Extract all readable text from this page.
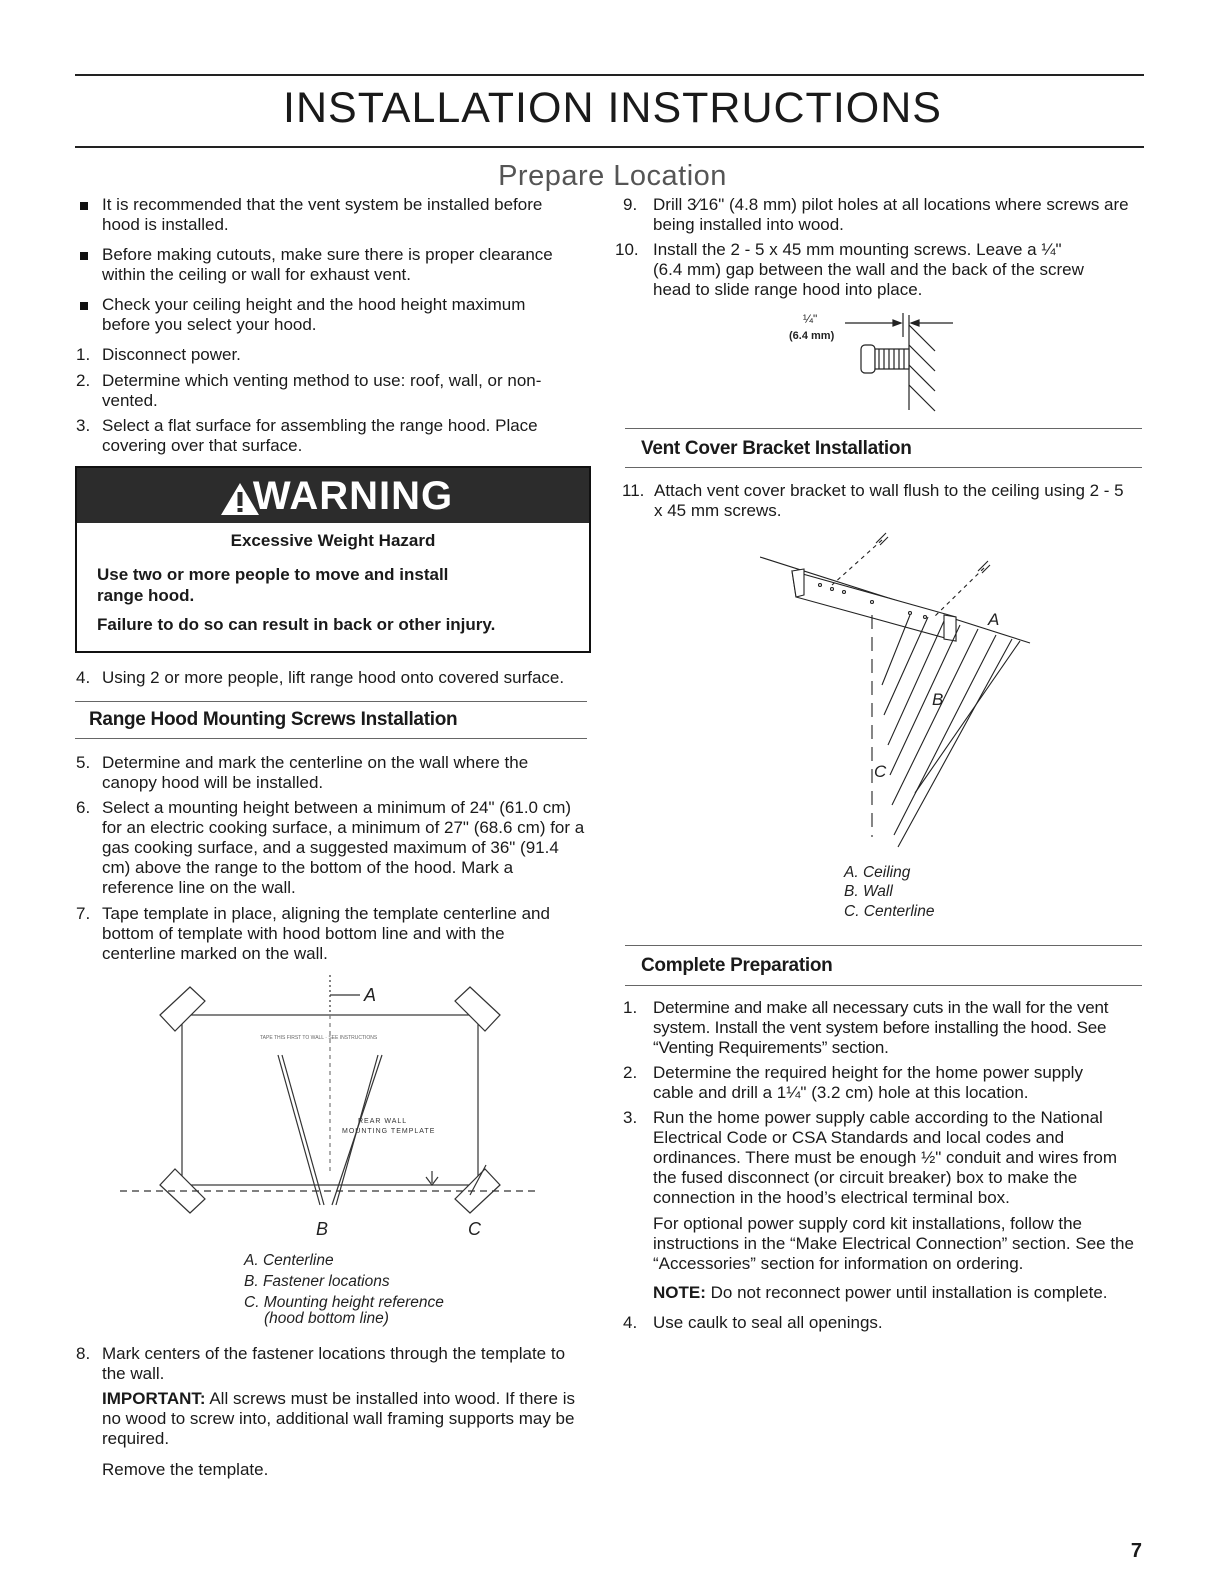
INSTALLATION INSTRUCTIONS
Prepare Location
It is recommended that the vent system be installed before hood is installed.
Before making cutouts, make sure there is proper clearance within the ceiling or wall for exhaust vent.
Check your ceiling height and the hood height maximum before you select your hood.
1. Disconnect power.
2. Determine which venting method to use: roof, wall, or non-vented.
3. Select a flat surface for assembling the range hood. Place covering over that surface.
WARNING
Excessive Weight Hazard
Use two or more people to move and install
range hood.
Failure to do so can result in back or other injury.
4. Using 2 or more people, lift range hood onto covered surface.
Range Hood Mounting Screws Installation
5. Determine and mark the centerline on the wall where the canopy hood will be installed.
6. Select a mounting height between a minimum of 24" (61.0 cm) for an electric cooking surface, a minimum of 27" (68.6 cm) for a gas cooking surface, and a suggested maximum of 36" (91.4 cm) above the range to the bottom of the hood. Mark a reference line on the wall.
7. Tape template in place, aligning the template centerline and bottom of template with hood bottom line and with the centerline marked on the wall.
TAPE THIS FIRST TO WALL · SEE INSTRUCTIONS
REAR WALL
MOUNTING TEMPLATE
A
B	C
A. Centerline
B. Fastener locations
C. Mounting height reference
(hood bottom line)
8. Mark centers of the fastener locations through the template to the wall.
IMPORTANT: All screws must be installed into wood. If there is no wood to screw into, additional wall framing supports may be required.
Remove the template.
9. Drill 3⁄16" (4.8 mm) pilot holes at all locations where screws are being installed into wood.
10. Install the 2 - 5 x 45 mm mounting screws. Leave a ¼" (6.4 mm) gap between the wall and the back of the screw head to slide range hood into place.
¼"
(6.4 mm)
Vent Cover Bracket Installation
11. Attach vent cover bracket to wall flush to the ceiling using 2 - 5 x 45 mm screws.
A
B
C
A. Ceiling
B. Wall
C. Centerline
Complete Preparation
1. Determine and make all necessary cuts in the wall for the vent system. Install the vent system before installing the hood. See “Venting Requirements” section.
2. Determine the required height for the home power supply cable and drill a 1¼" (3.2 cm) hole at this location.
3. Run the home power supply cable according to the National Electrical Code or CSA Standards and local codes and ordinances. There must be enough ½" conduit and wires from the fused disconnect (or circuit breaker) box to make the connection in the hood’s electrical terminal box.
For optional power supply cord kit installations, follow the instructions in the “Make Electrical Connection” section. See the “Accessories” section for information on ordering.
NOTE: Do not reconnect power until installation is complete.
4. Use caulk to seal all openings.
7
